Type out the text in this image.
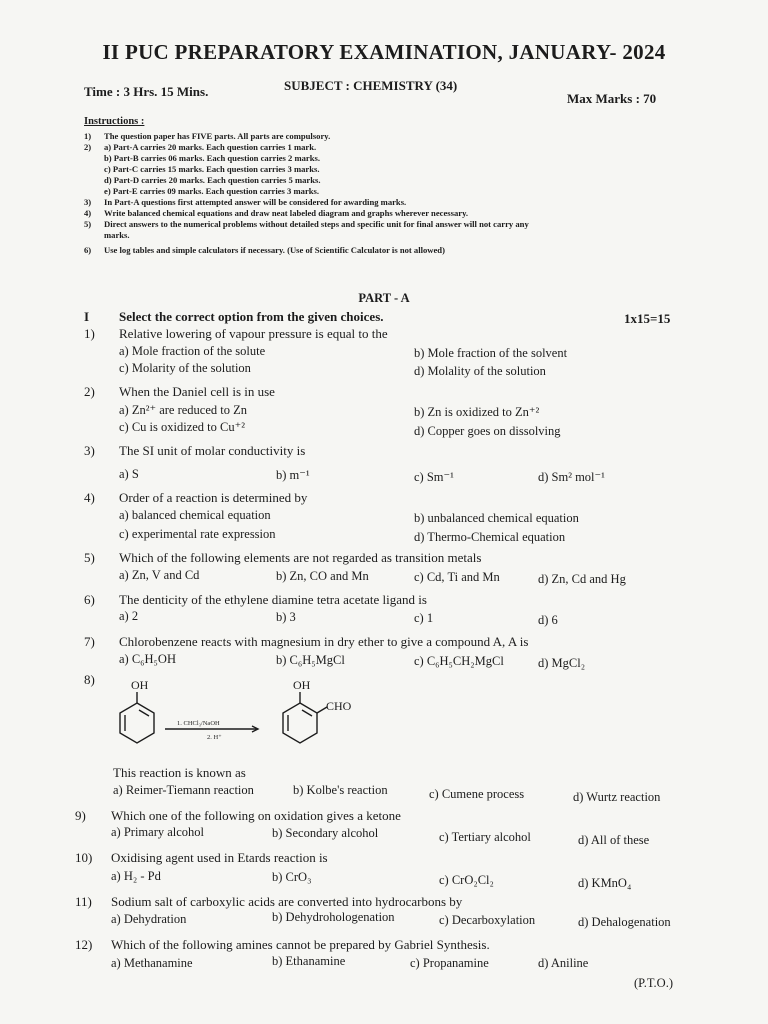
II PUC PREPARATORY EXAMINATION, JANUARY- 2024
Time : 3 Hrs. 15 Mins.	SUBJECT : CHEMISTRY (34)
Max Marks : 70
Instructions :
1) The question paper has FIVE parts. All parts are compulsory.
2) a) Part-A carries 20 marks. Each question carries 1 mark.
b) Part-B carries 06 marks. Each question carries 2 marks.
c) Part-C carries 15 marks. Each question carries 3 marks.
d) Part-D carries 20 marks. Each question carries 5 marks.
e) Part-E carries 09 marks. Each question carries 3 marks.
3) In Part-A questions first attempted answer will be considered for awarding marks.
4) Write balanced chemical equations and draw neat labeled diagram and graphs wherever necessary.
5) Direct answers to the numerical problems without detailed steps and specific unit for final answer will not carry any
marks.
6) Use log tables and simple calculators if necessary. (Use of Scientific Calculator is not allowed)
PART - A
I Select the correct option from the given choices.	1x15=15
1) Relative lowering of vapour pressure is equal to the
a) Mole fraction of the solute	b) Mole fraction of the solvent
c) Molarity of the solution	d) Molality of the solution
2) When the Daniel cell is in use
a) Zn²⁺ are reduced to Zn	b) Zn is oxidized to Zn⁺²
c) Cu is oxidized to Cu⁺²	d) Copper goes on dissolving
3) The SI unit of molar conductivity is
a) S	b) m⁻¹	c) Sm⁻¹	d) Sm² mol⁻¹
4) Order of a reaction is determined by
a) balanced chemical equation	b) unbalanced chemical equation
c) experimental rate expression	d) Thermo-Chemical equation
5) Which of the following elements are not regarded as transition metals
a) Zn, V and Cd	b) Zn, CO and Mn	c) Cd, Ti and Mn	d) Zn, Cd and Hg
6) The denticity of the ethylene diamine tetra acetate ligand is
a) 2	b) 3	c) 1	d) 6
7) Chlorobenzene reacts with magnesium in dry ether to give a compound A, A is
a) C₆H₅OH	b) C₆H₅MgCl	c) C₆H₅CH₂MgCl	d) MgCl₂
8)	OH	OH
CHO
1. CHCl₃/NaOH
2. H⁺
This reaction is known as
a) Reimer-Tiemann reaction	b) Kolbe's reaction	c) Cumene process	d) Wurtz reaction
9) Which one of the following on oxidation gives a ketone
a) Primary alcohol	b) Secondary alcohol	c) Tertiary alcohol	d) All of these
10) Oxidising agent used in Etards reaction is
a) H₂ - Pd	b) CrO₃	c) CrO₂Cl₂	d) KMnO₄
11) Sodium salt of carboxylic acids are converted into hydrocarbons by
a) Dehydration	b) Dehydrohologenation	c) Decarboxylation	d) Dehalogenation
12) Which of the following amines cannot be prepared by Gabriel Synthesis.
a) Methanamine	b) Ethanamine	c) Propanamine	d) Aniline
(P.T.O.)
